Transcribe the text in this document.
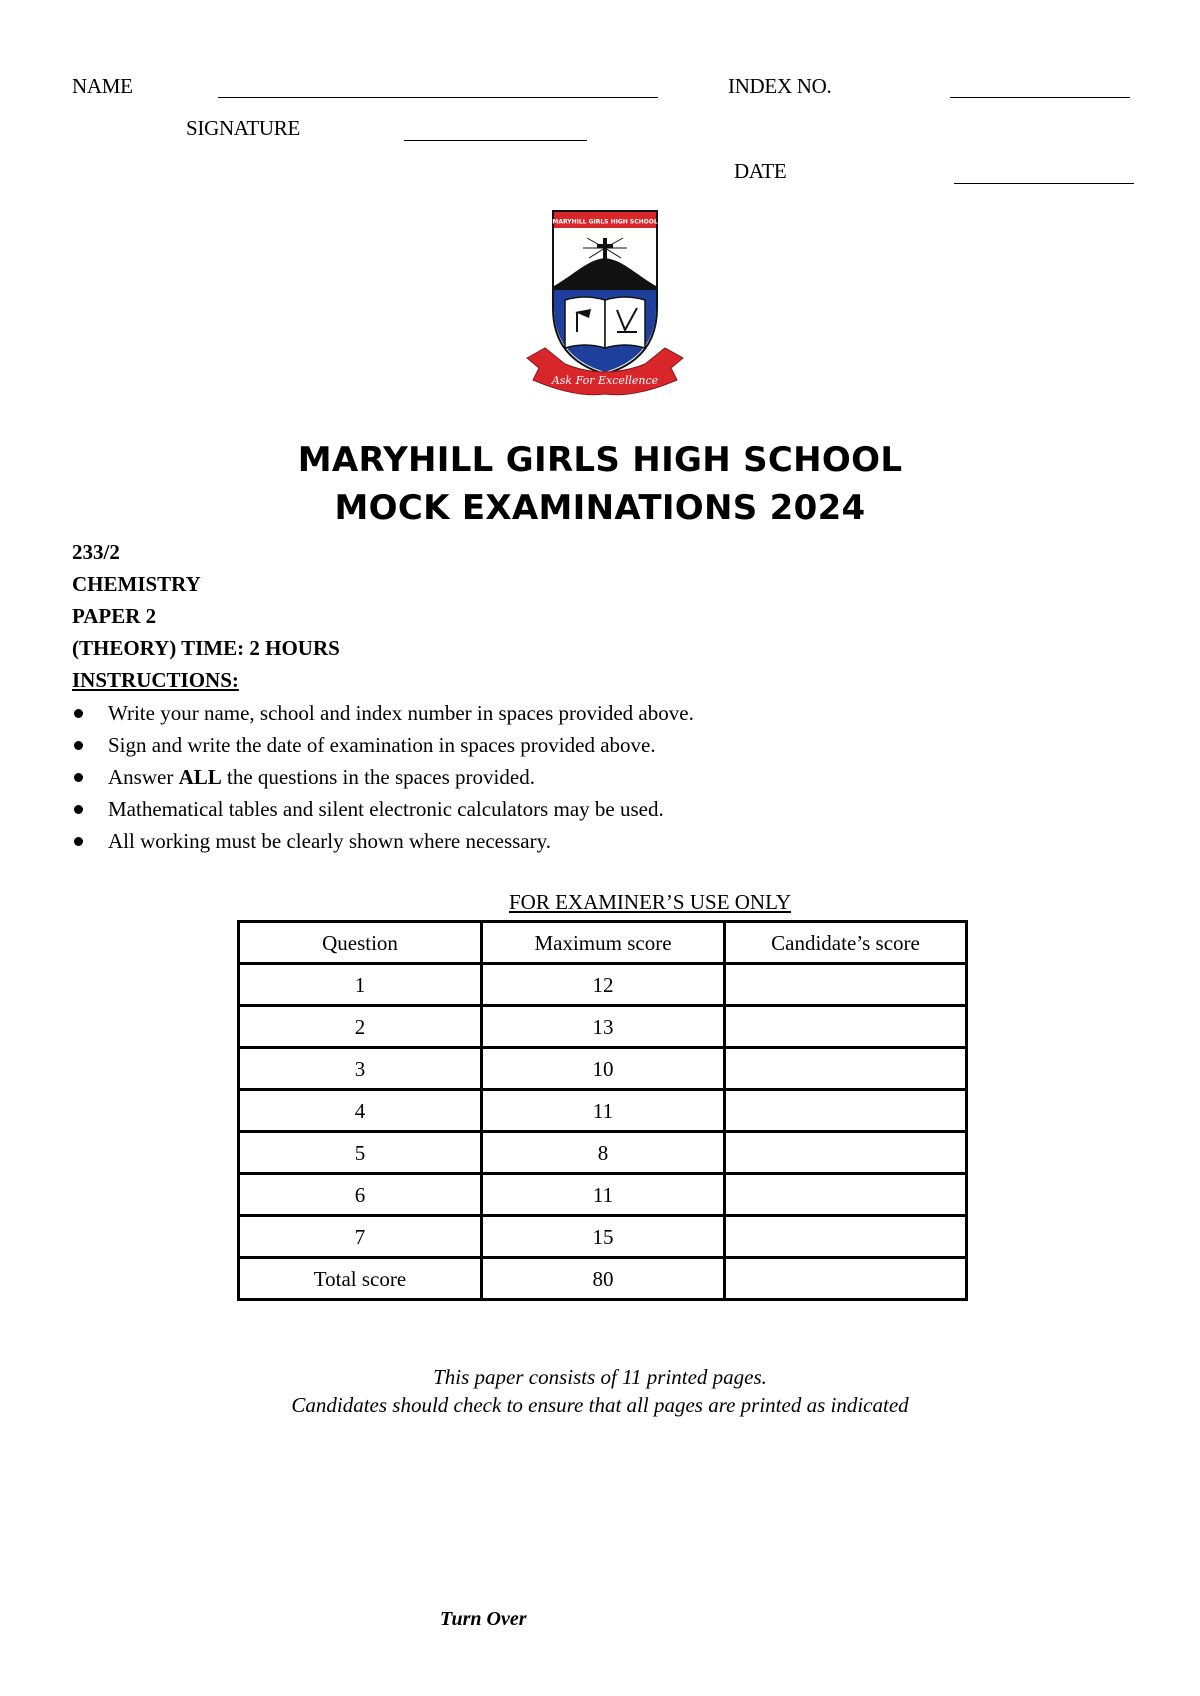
NAME	INDEX NO.
SIGNATURE
DATE
MARYHILL GIRLS HIGH SCHOOL
Ask For Excellence
MARYHILL GIRLS HIGH SCHOOL
MOCK EXAMINATIONS 2024
233/2
CHEMISTRY
PAPER 2
(THEORY) TIME: 2 HOURS
INSTRUCTIONS:
Write your name, school and index number in spaces provided above.
Sign and write the date of examination in spaces provided above.
Answer ALL the questions in the spaces provided.
Mathematical tables and silent electronic calculators may be used.
All working must be clearly shown where necessary.
FOR EXAMINER’S USE ONLY
Question	Maximum score	Candidate’s score
1	12	
2	13	
3	10	
4	11	
5	8	
6	11	
7	15	
Total score	80	
This paper consists of 11 printed pages.
Candidates should check to ensure that all pages are printed as indicated
Turn Over
